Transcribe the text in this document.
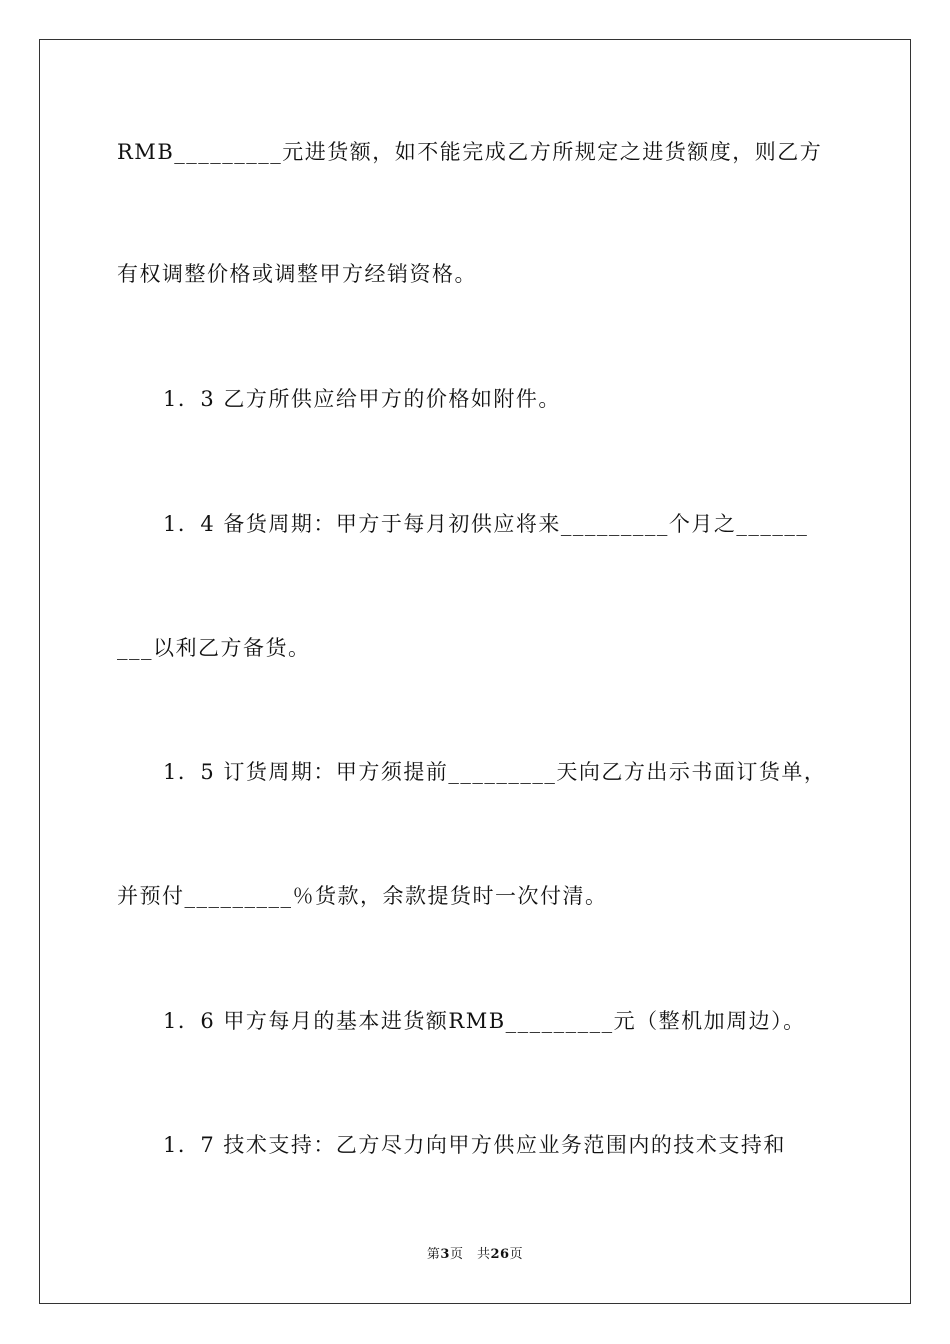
RMB_________元进货额，如不能完成乙方所规定之进货额度，则乙方
有权调整价格或调整甲方经销资格。
1．3 乙方所供应给甲方的价格如附件。
1．4 备货周期：甲方于每月初供应将来_________个月之______
___以利乙方备货。
1．5 订货周期：甲方须提前_________天向乙方出示书面订货单，
并预付_________％货款，余款提货时一次付清。
1．6 甲方每月的基本进货额RMB_________元（整机加周边）。
1．7 技术支持：乙方尽力向甲方供应业务范围内的技术支持和
第3页　共26页
